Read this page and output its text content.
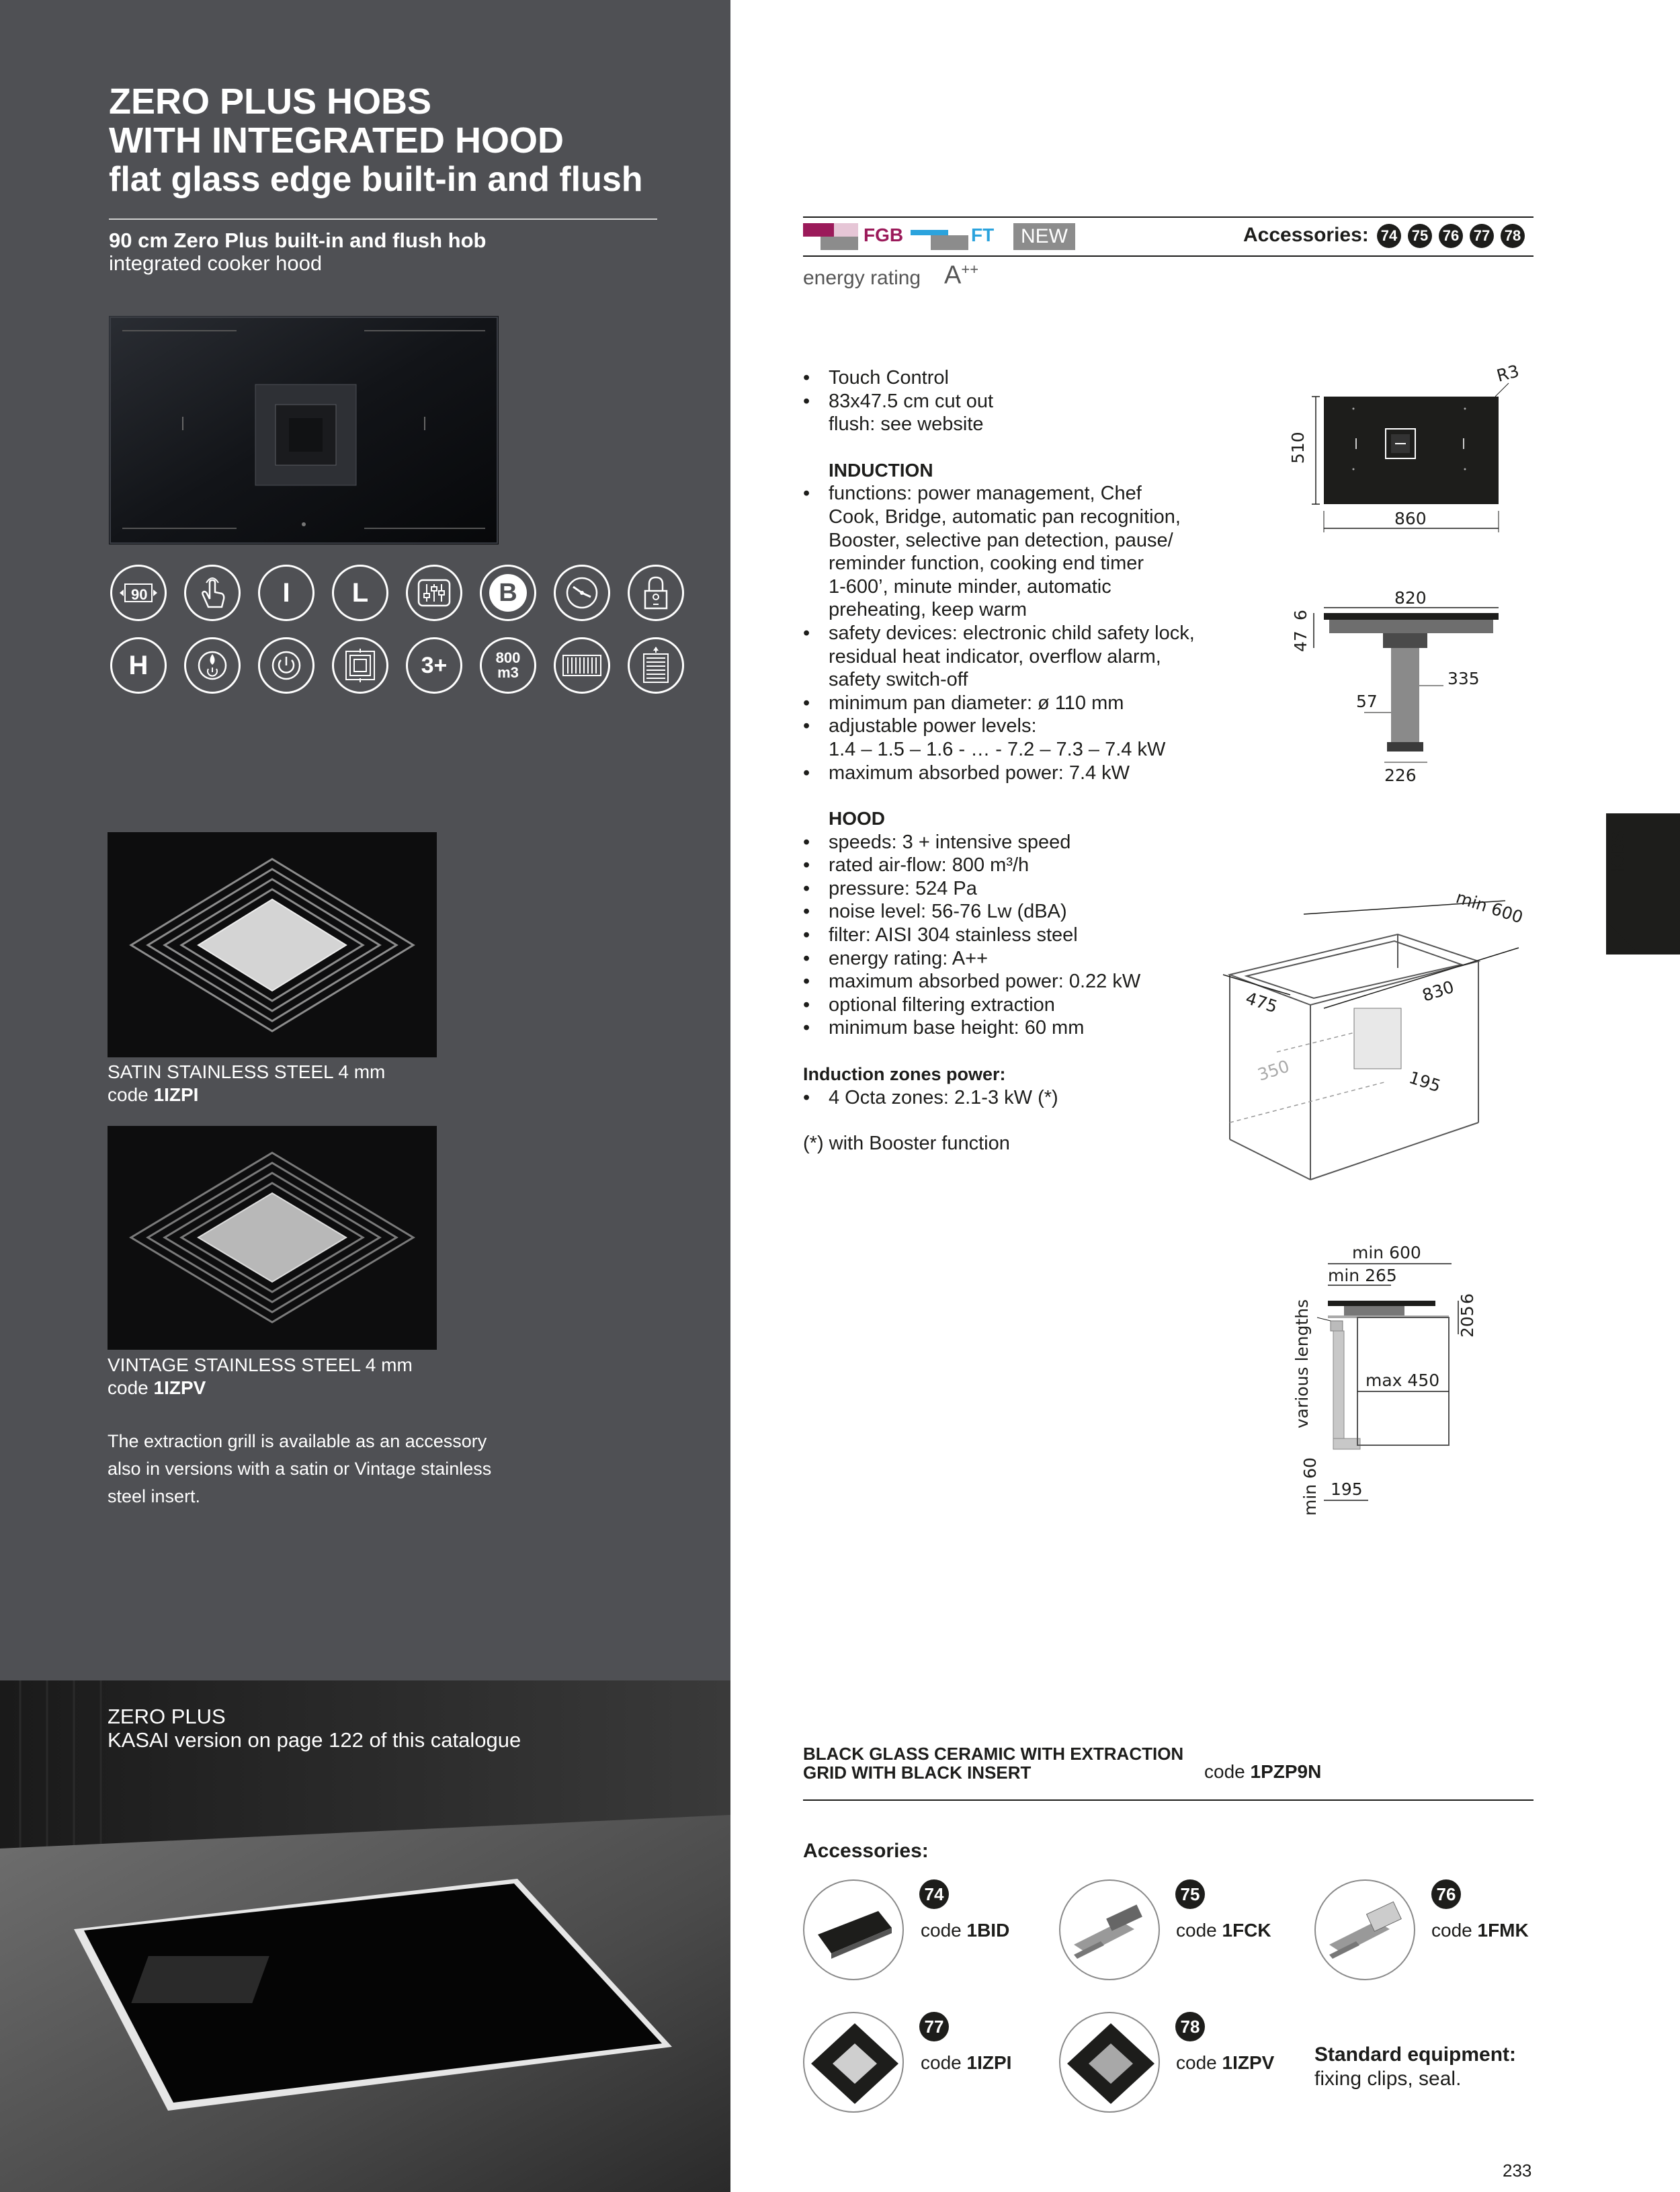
ZERO PLUS HOBS
WITH INTEGRATED HOOD
flat glass edge built-in and flush
90 cm Zero Plus built-in and flush hob
integrated cooker hood
90	I L	B
H	3+	800
m3
SATIN STAINLESS STEEL 4 mm
code 1IZPI
VINTAGE STAINLESS STEEL 4 mm
code 1IZPV
The extraction grill is available as an accessory
also in versions with a satin or Vintage stainless
steel insert.
ZERO PLUS
KASAI version on page 122 of this catalogue
FGB	FT	NEW	Accessories: 74 75 76 77 78
energy rating A++
• Touch Control
• 83x47.5 cm cut out
flush: see website
INDUCTION
• functions: power management, Chef
Cook, Bridge, automatic pan recognition,
Booster, selective pan detection, pause/
reminder function, cooking end timer
1-600’, minute minder, automatic
preheating, keep warm
• safety devices: electronic child safety lock,
residual heat indicator, overflow alarm,
safety switch-off
• minimum pan diameter: ø 110 mm
• adjustable power levels:
1.4 – 1.5 – 1.6 - … - 7.2 – 7.3 – 7.4 kW
• maximum absorbed power: 7.4 kW
HOOD
• speeds: 3 + intensive speed
• rated air-flow: 800 m³/h
• pressure: 524 Pa
• noise level: 56-76 Lw (dBA)
• filter: AISI 304 stainless steel
• energy rating: A++
• maximum absorbed power: 0.22 kW
• optional filtering extraction
• minimum base height: 60 mm
Induction zones power:
• 4 Octa zones: 2.1-3 kW (*)
(*) with Booster function
510
860
R3
820
47
6
335
57
226
min 600
830
475
350	195
min 600
min 265
205
6
max 450
various lengths
min 60 195
HOBS
BLACK GLASS CERAMIC WITH EXTRACTION
GRID WITH BLACK INSERT	code 1PZP9N
Accessories:
74
code 1BID
75
code 1FCK
76
code 1FMK
77
code 1IZPI
78
code 1IZPV Standard equipment:
fixing clips, seal.
233
